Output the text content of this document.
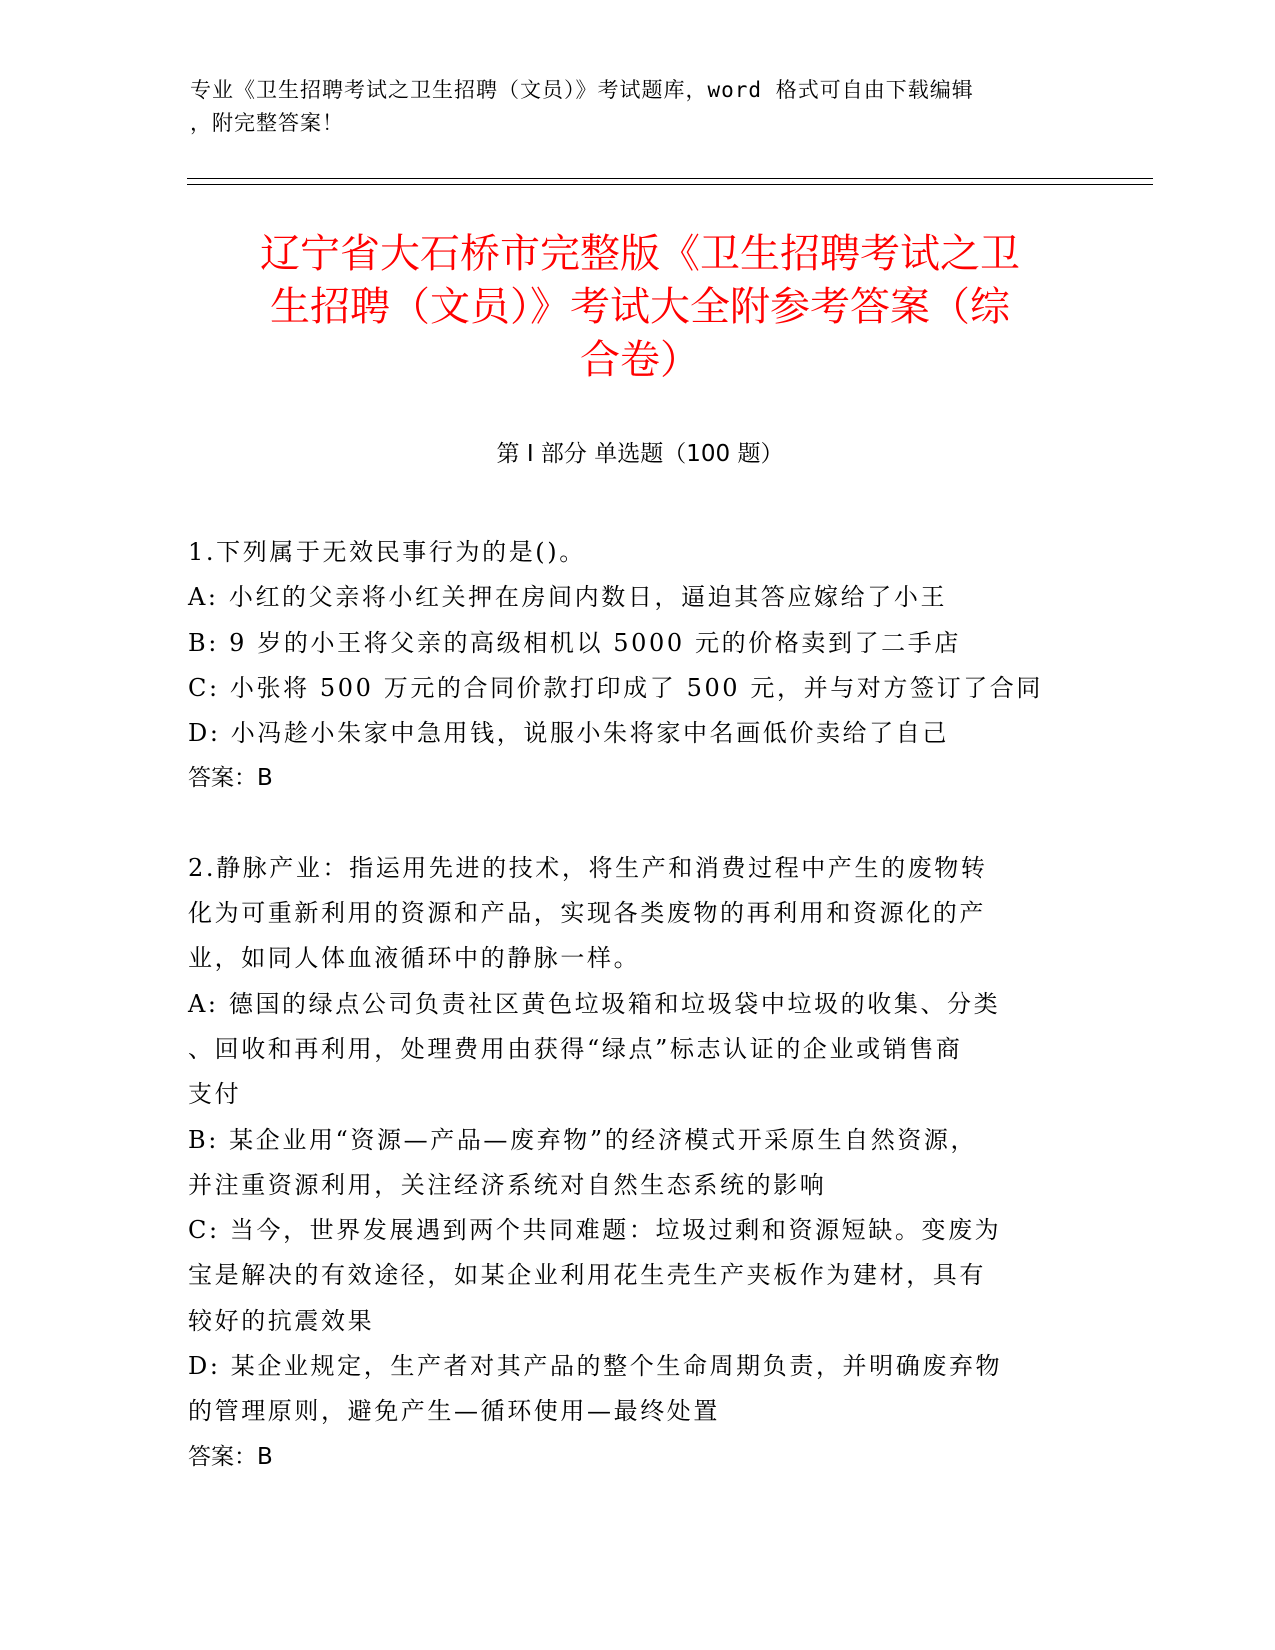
专业《卫生招聘考试之卫生招聘（文员）》考试题库，word 格式可自由下载编辑
，附完整答案！
辽宁省大石桥市完整版《卫生招聘考试之卫
生招聘（文员）》考试大全附参考答案（综
合卷）
第 I 部分 单选题（100 题）
1.下列属于无效民事行为的是()。
A: 小红的父亲将小红关押在房间内数日，逼迫其答应嫁给了小王
B: 9 岁的小王将父亲的高级相机以 5000 元的价格卖到了二手店
C: 小张将 500 万元的合同价款打印成了 500 元，并与对方签订了合同
D: 小冯趁小朱家中急用钱，说服小朱将家中名画低价卖给了自己
答案：B
2.静脉产业：指运用先进的技术，将生产和消费过程中产生的废物转
化为可重新利用的资源和产品，实现各类废物的再利用和资源化的产
业，如同人体血液循环中的静脉一样。
A: 德国的绿点公司负责社区黄色垃圾箱和垃圾袋中垃圾的收集、分类
、回收和再利用，处理费用由获得“绿点”标志认证的企业或销售商
支付
B: 某企业用“资源—产品—废弃物”的经济模式开采原生自然资源，
并注重资源利用，关注经济系统对自然生态系统的影响
C: 当今，世界发展遇到两个共同难题：垃圾过剩和资源短缺。变废为
宝是解决的有效途径，如某企业利用花生壳生产夹板作为建材，具有
较好的抗震效果
D: 某企业规定，生产者对其产品的整个生命周期负责，并明确废弃物
的管理原则，避免产生—循环使用—最终处置
答案：B
